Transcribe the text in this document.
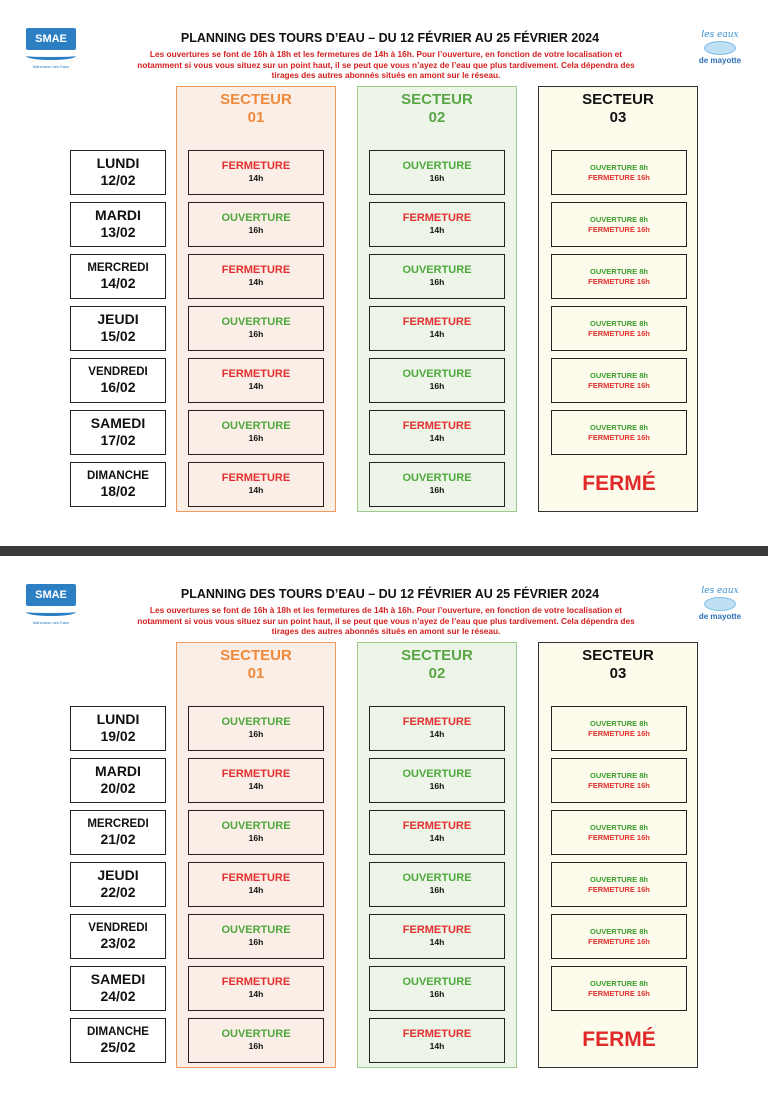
SMAE
Mahoraise des Eaux
les eaux
de mayotte
PLANNING DES TOURS D’EAU – DU 12 FÉVRIER AU 25 FÉVRIER 2024
Les ouvertures se font de 16h à 18h et les fermetures de 14h à 16h. Pour l’ouverture, en fonction de votre localisation et
notamment si vous vous situez sur un point haut, il se peut que vous n’ayez de l’eau que plus tardivement. Cela dépendra des
tirages des autres abonnés situés en amont sur le réseau.
SECTEUR
01
SECTEUR
02
SECTEUR
03
LUNDI
12/02
FERMETURE
14h
OUVERTURE
16h
OUVERTURE 8h
FERMETURE 16h
MARDI
13/02
OUVERTURE
16h
FERMETURE
14h
OUVERTURE 8h
FERMETURE 16h
MERCREDI
14/02
FERMETURE
14h
OUVERTURE
16h
OUVERTURE 8h
FERMETURE 16h
JEUDI
15/02
OUVERTURE
16h
FERMETURE
14h
OUVERTURE 8h
FERMETURE 16h
VENDREDI
16/02
FERMETURE
14h
OUVERTURE
16h
OUVERTURE 8h
FERMETURE 16h
SAMEDI
17/02
OUVERTURE
16h
FERMETURE
14h
OUVERTURE 8h
FERMETURE 16h
DIMANCHE
18/02
FERMETURE
14h
OUVERTURE
16h	FERMÉ
SMAE
Mahoraise des Eaux
les eaux
de mayotte
PLANNING DES TOURS D’EAU – DU 12 FÉVRIER AU 25 FÉVRIER 2024
Les ouvertures se font de 16h à 18h et les fermetures de 14h à 16h. Pour l’ouverture, en fonction de votre localisation et
notamment si vous vous situez sur un point haut, il se peut que vous n’ayez de l’eau que plus tardivement. Cela dépendra des
tirages des autres abonnés situés en amont sur le réseau.
SECTEUR
01
SECTEUR
02
SECTEUR
03
LUNDI
19/02
OUVERTURE
16h
FERMETURE
14h
OUVERTURE 8h
FERMETURE 16h
MARDI
20/02
FERMETURE
14h
OUVERTURE
16h
OUVERTURE 8h
FERMETURE 16h
MERCREDI
21/02
OUVERTURE
16h
FERMETURE
14h
OUVERTURE 8h
FERMETURE 16h
JEUDI
22/02
FERMETURE
14h
OUVERTURE
16h
OUVERTURE 8h
FERMETURE 16h
VENDREDI
23/02
OUVERTURE
16h
FERMETURE
14h
OUVERTURE 8h
FERMETURE 16h
SAMEDI
24/02
FERMETURE
14h
OUVERTURE
16h
OUVERTURE 8h
FERMETURE 16h
DIMANCHE
25/02
OUVERTURE
16h
FERMETURE
14h	FERMÉ
